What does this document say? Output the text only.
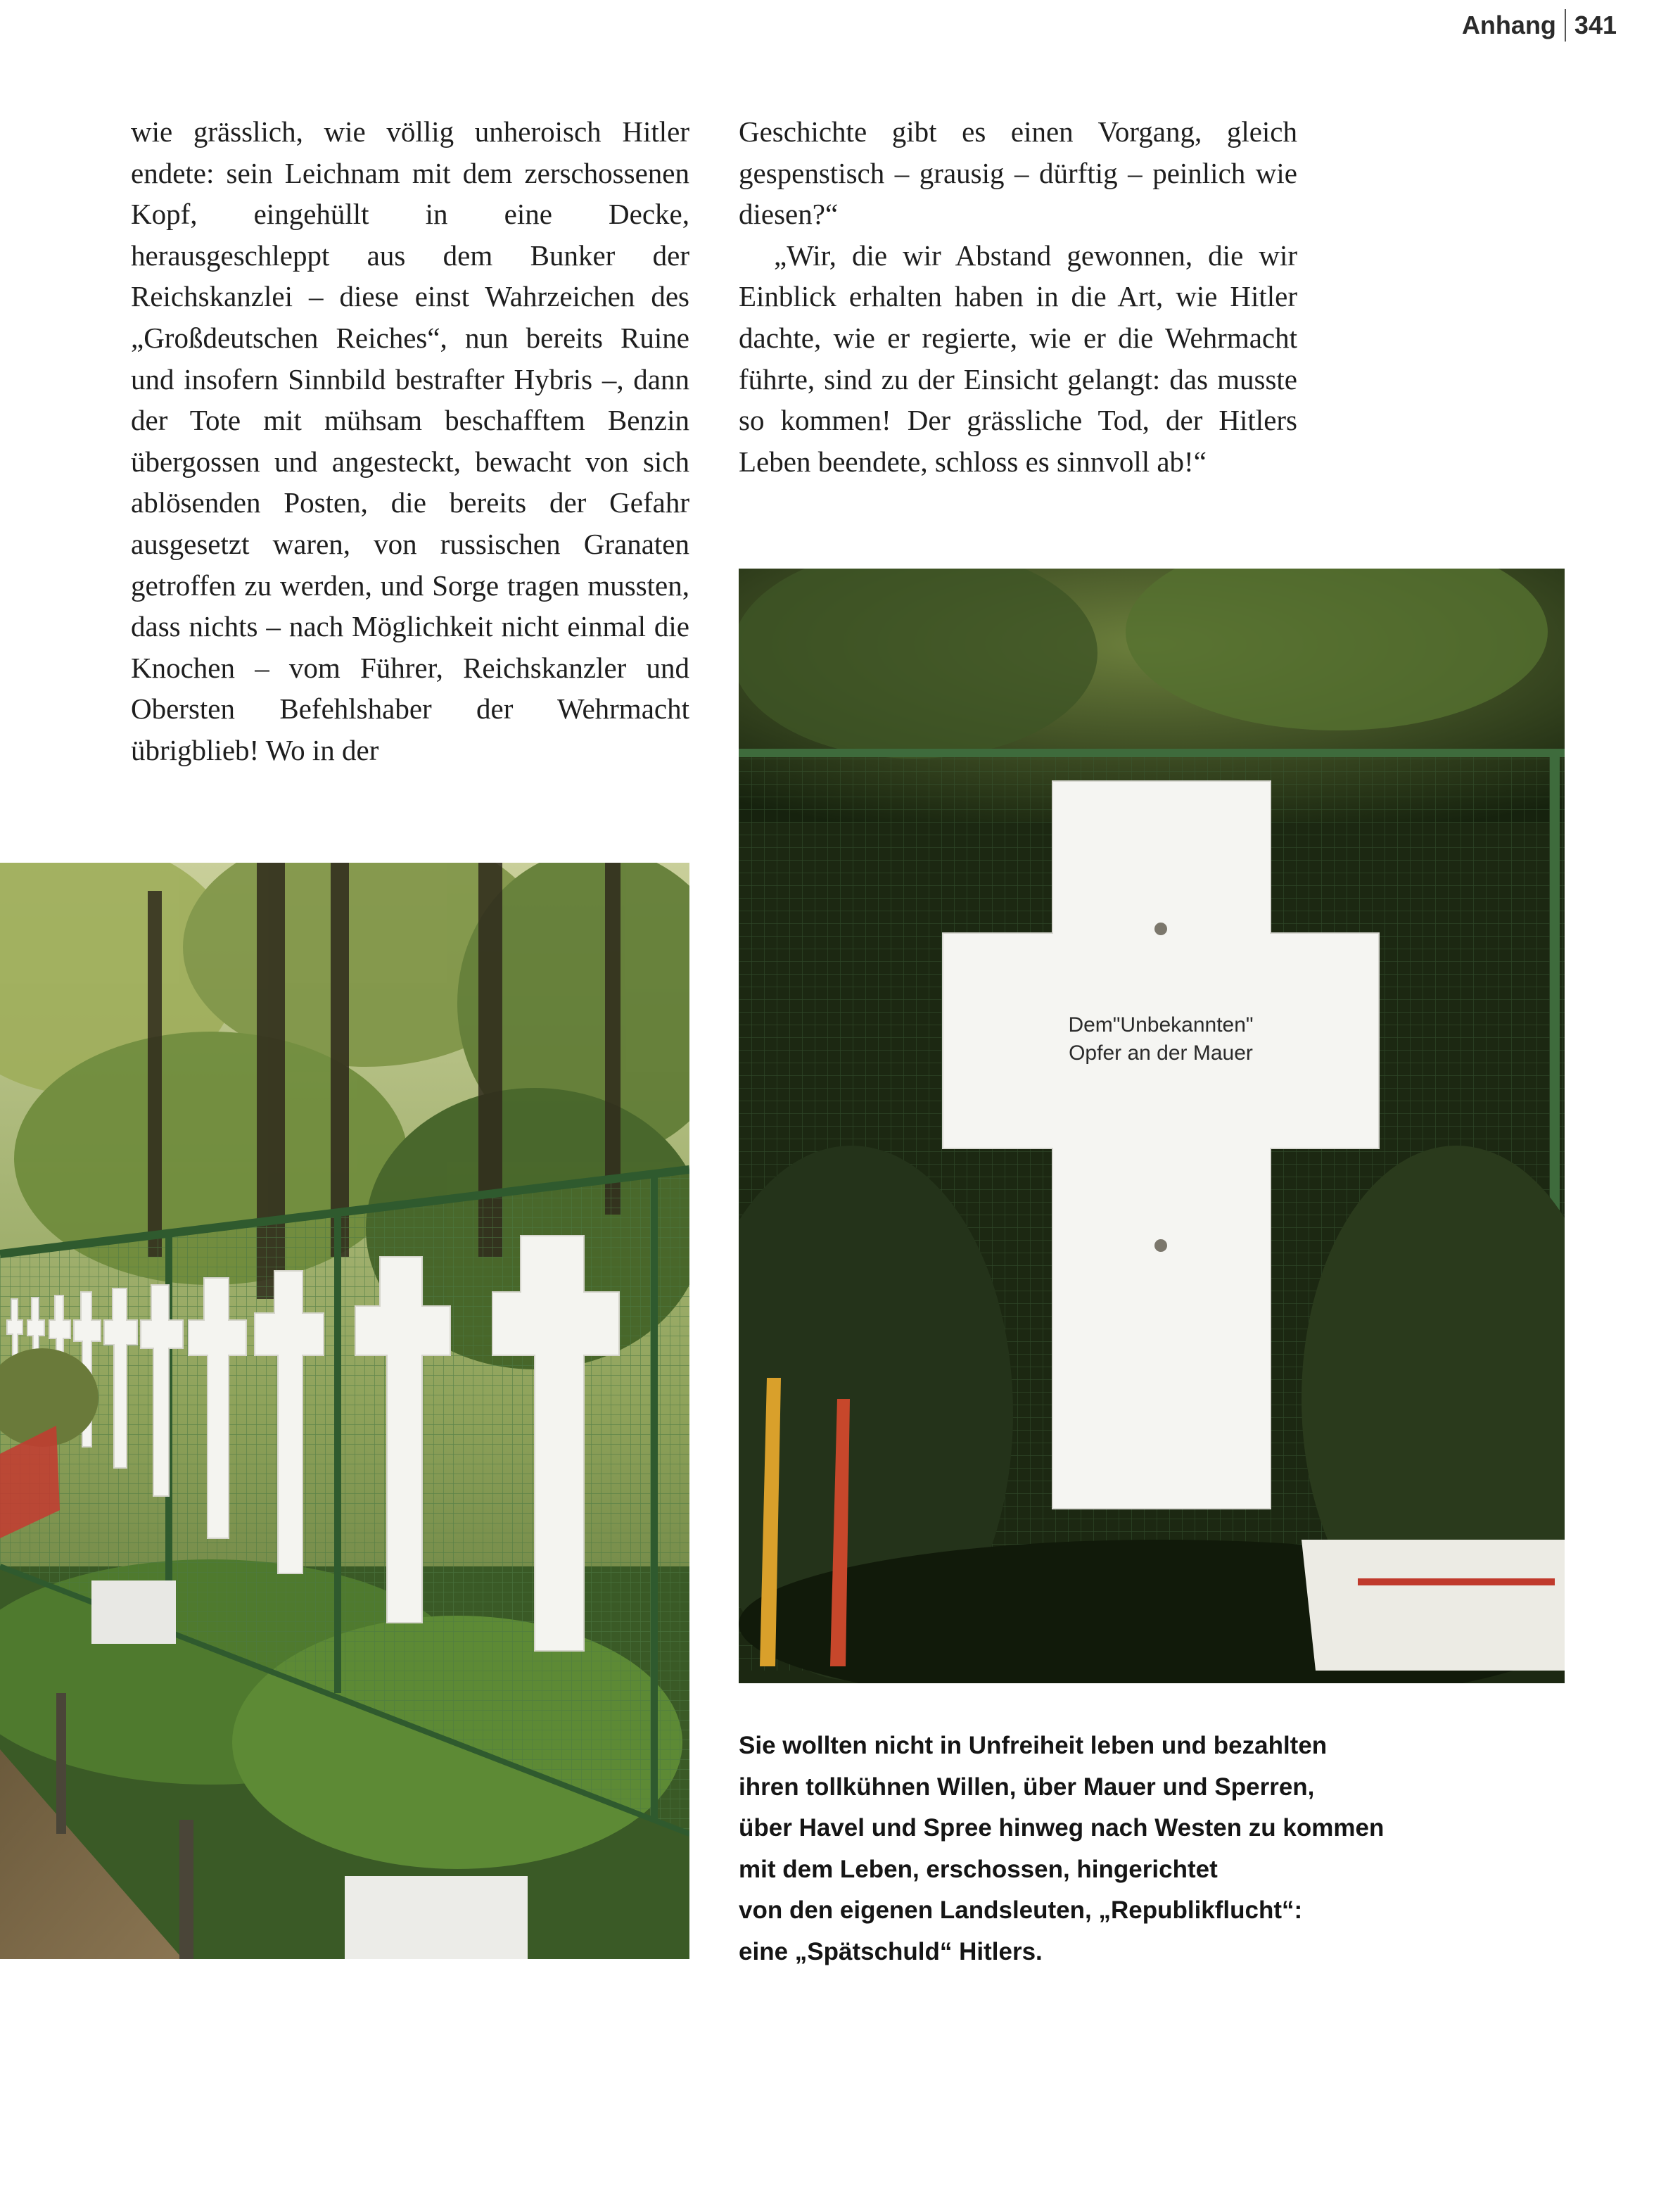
Anhang 341

wie grässlich, wie völlig unheroisch Hitler endete: sein Leichnam mit dem zerschossenen Kopf, eingehüllt in eine Decke, herausgeschleppt aus dem Bunker der Reichskanzlei – diese einst Wahrzeichen des „Großdeutschen Reiches“, nun bereits Ruine und insofern Sinnbild bestrafter Hybris –, dann der Tote mit mühsam beschafftem Benzin übergossen und angesteckt, bewacht von sich ablösenden Posten, die bereits der Gefahr ausgesetzt waren, von russischen Granaten getroffen zu werden, und Sorge tragen mussten, dass nichts – nach Möglichkeit nicht einmal die Knochen – vom Führer, Reichskanzler und Obersten Befehlshaber der Wehrmacht übrigblieb! Wo in der

Geschichte gibt es einen Vorgang, gleich gespenstisch – grausig – dürftig – peinlich wie diesen?“

„Wir, die wir Abstand gewonnen, die wir Einblick erhalten haben in die Art, wie Hitler dachte, wie er regierte, wie er die Wehrmacht führte, sind zu der Einsicht gelangt: das musste so kommen! Der grässliche Tod, der Hitlers Leben beendete, schloss es sinnvoll ab!“

Dem"Unbekannten"
Opfer an der Mauer
Sie wollten nicht in Unfreiheit leben und bezahlten
ihren tollkühnen Willen, über Mauer und Sperren,
über Havel und Spree hinweg nach Westen zu kommen
mit dem Leben, erschossen, hingerichtet
von den eigenen Landsleuten, „Republikflucht“:
eine „Spätschuld“ Hitlers.
